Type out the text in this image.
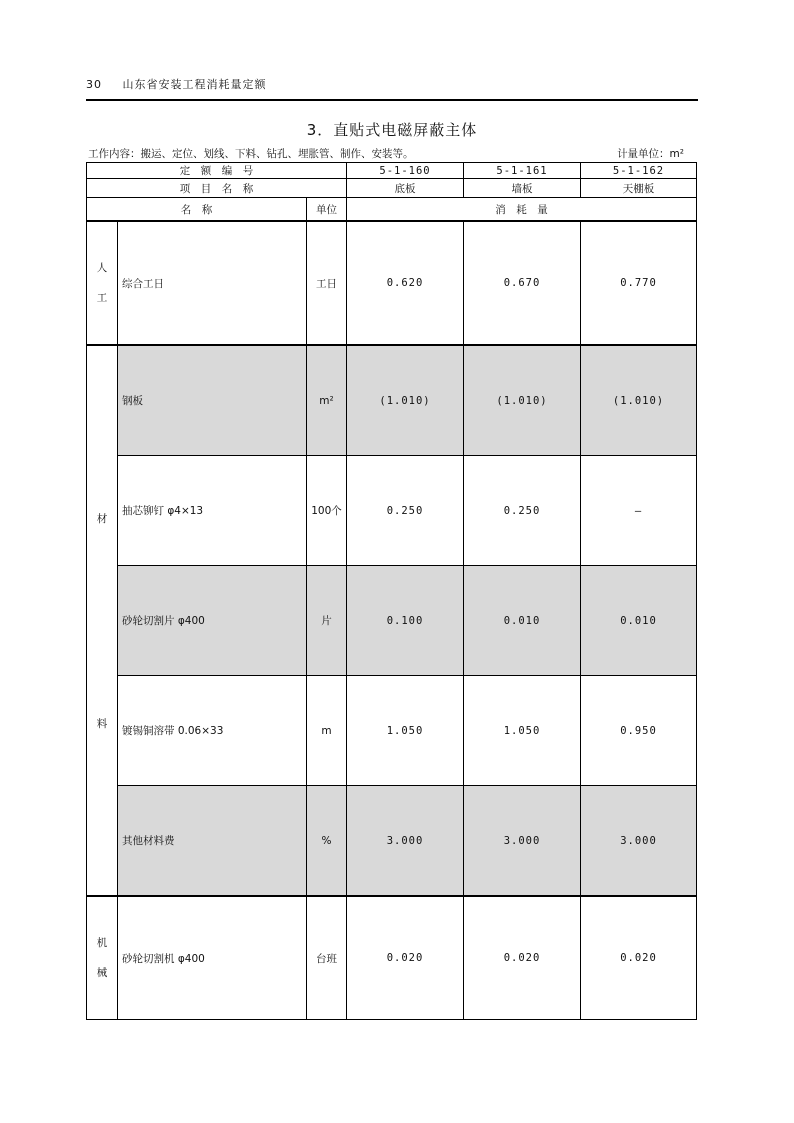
30 山东省安装工程消耗量定额
3．直贴式电磁屏蔽主体
工作内容：搬运、定位、划线、下料、钻孔、埋胀管、制作、安装等。	计量单位：m²
定　额　编　号			5-1-160	5-1-161	5-1-162
项　目　名　称			底板	墙板	天棚板
名　称		单位	消　耗　量		

人
工	综合工日	工日	0.620	0.670	0.770

材
料	钢板	m²	(1.010)	(1.010)	(1.010)
	抽芯铆钉 φ4×13	100个	0.250	0.250	—
	砂轮切割片 φ400	片	0.100	0.010	0.010
	镀锡铜溶带 0.06×33	m	1.050	1.050	0.950
	其他材料费	%	3.000	3.000	3.000

机
械	砂轮切割机 φ400	台班	0.020	0.020	0.020
